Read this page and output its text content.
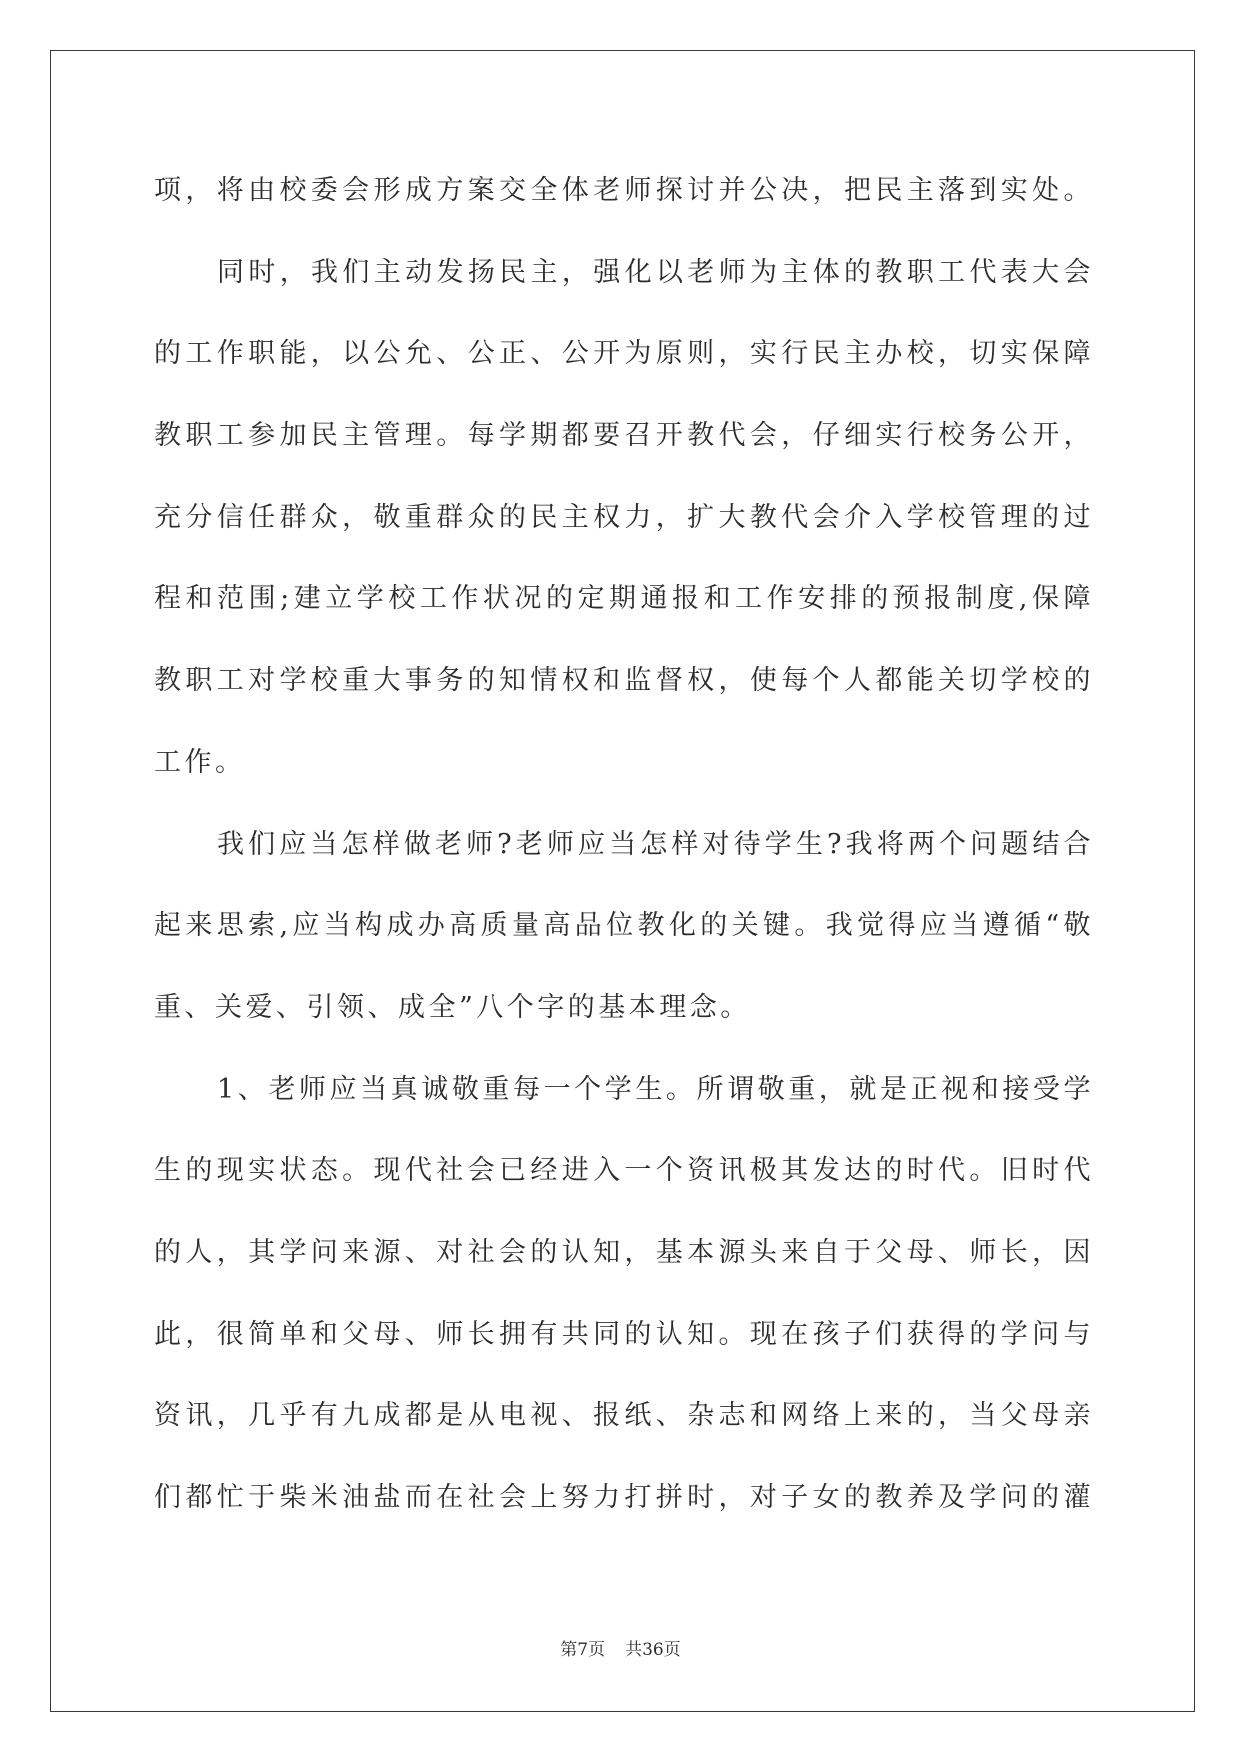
项，将由校委会形成方案交全体老师探讨并公决，把民主落到实处。
同时，我们主动发扬民主，强化以老师为主体的教职工代表大会
的工作职能，以公允、公正、公开为原则，实行民主办校，切实保障
教职工参加民主管理。每学期都要召开教代会，仔细实行校务公开，
充分信任群众，敬重群众的民主权力，扩大教代会介入学校管理的过
程和范围;建立学校工作状况的定期通报和工作安排的预报制度,保障
教职工对学校重大事务的知情权和监督权，使每个人都能关切学校的
工作。
我们应当怎样做老师?老师应当怎样对待学生?我将两个问题结合
起来思索,应当构成办高质量高品位教化的关键。我觉得应当遵循“敬
重、关爱、引领、成全”八个字的基本理念。
1、老师应当真诚敬重每一个学生。所谓敬重，就是正视和接受学
生的现实状态。现代社会已经进入一个资讯极其发达的时代。旧时代
的人，其学问来源、对社会的认知，基本源头来自于父母、师长，因
此，很简单和父母、师长拥有共同的认知。现在孩子们获得的学问与
资讯，几乎有九成都是从电视、报纸、杂志和网络上来的，当父母亲
们都忙于柴米油盐而在社会上努力打拼时，对子女的教养及学问的灌
第7页 共36页
